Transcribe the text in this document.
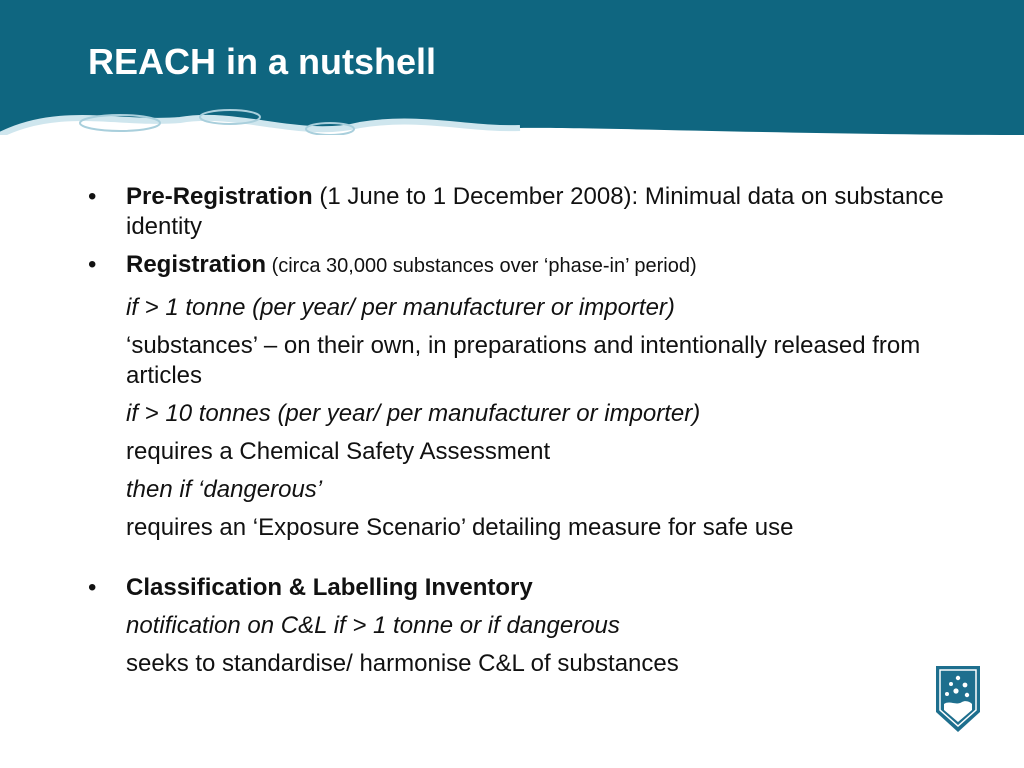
REACH in a nutshell
• Pre-Registration (1 June to 1 December 2008): Minimual data on substance identity
• Registration (circa 30,000 substances over ‘phase-in’ period)
if > 1 tonne (per year/ per manufacturer or importer)
‘substances’ – on their own, in preparations and intentionally released from articles
if > 10 tonnes (per year/ per manufacturer or importer)
requires a Chemical Safety Assessment
then if ‘dangerous’
requires an ‘Exposure Scenario’ detailing measure for safe use
• Classification & Labelling Inventory
notification on C&L if > 1 tonne or if dangerous
seeks to standardise/ harmonise C&L of substances
